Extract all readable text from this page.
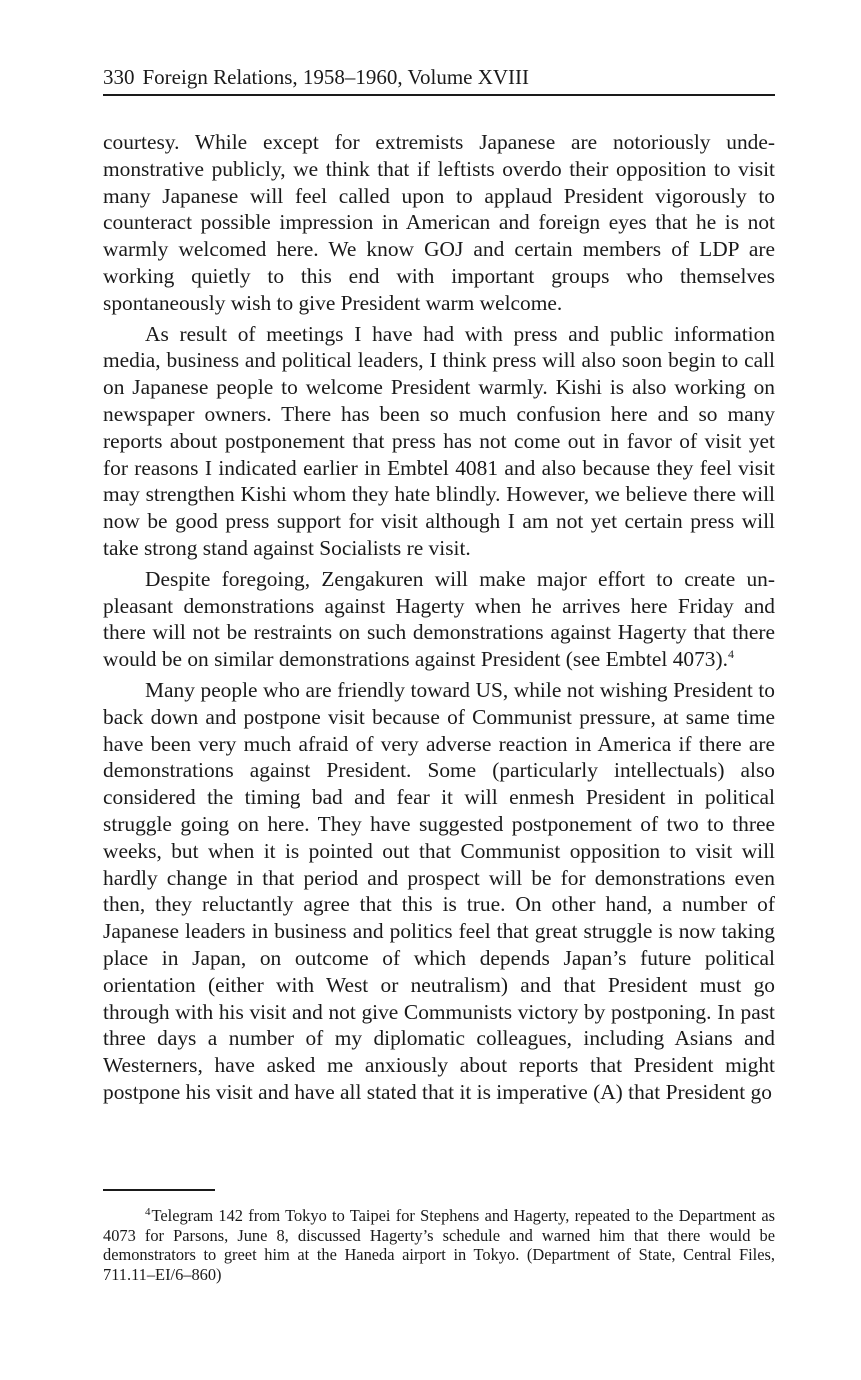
330 Foreign Relations, 1958–1960, Volume XVIII

courtesy. While except for extremists Japanese are notoriously undemonstrative publicly, we think that if leftists overdo their opposition to visit many Japanese will feel called upon to applaud President vigorously to counteract possible impression in American and foreign eyes that he is not warmly welcomed here. We know GOJ and certain members of LDP are working quietly to this end with important groups who themselves spontaneously wish to give President warm welcome.

As result of meetings I have had with press and public information media, business and political leaders, I think press will also soon begin to call on Japanese people to welcome President warmly. Kishi is also working on newspaper owners. There has been so much confusion here and so many reports about postponement that press has not come out in favor of visit yet for reasons I indicated earlier in Embtel 4081 and also because they feel visit may strengthen Kishi whom they hate blindly. However, we believe there will now be good press support for visit although I am not yet certain press will take strong stand against Socialists re visit.

Despite foregoing, Zengakuren will make major effort to create unpleasant demonstrations against Hagerty when he arrives here Friday and there will not be restraints on such demonstrations against Hagerty that there would be on similar demonstrations against President (see Embtel 4073).$^4$

Many people who are friendly toward US, while not wishing President to back down and postpone visit because of Communist pressure, at same time have been very much afraid of very adverse reaction in America if there are demonstrations against President. Some (particularly intellectuals) also considered the timing bad and fear it will enmesh President in political struggle going on here. They have suggested postponement of two to three weeks, but when it is pointed out that Communist opposition to visit will hardly change in that period and prospect will be for demonstrations even then, they reluctantly agree that this is true. On other hand, a number of Japanese leaders in business and politics feel that great struggle is now taking place in Japan, on outcome of which depends Japan’s future political orientation (either with West or neutralism) and that President must go through with his visit and not give Communists victory by postponing. In past three days a number of my diplomatic colleagues, including Asians and Westerners, have asked me anxiously about reports that President might postpone his visit and have all stated that it is imperative (A) that President go

$^4$Telegram 142 from Tokyo to Taipei for Stephens and Hagerty, repeated to the Department as 4073 for Parsons, June 8, discussed Hagerty’s schedule and warned him that there would be demonstrators to greet him at the Haneda airport in Tokyo. (Department of State, Central Files, 711.11–EI/6–860)
